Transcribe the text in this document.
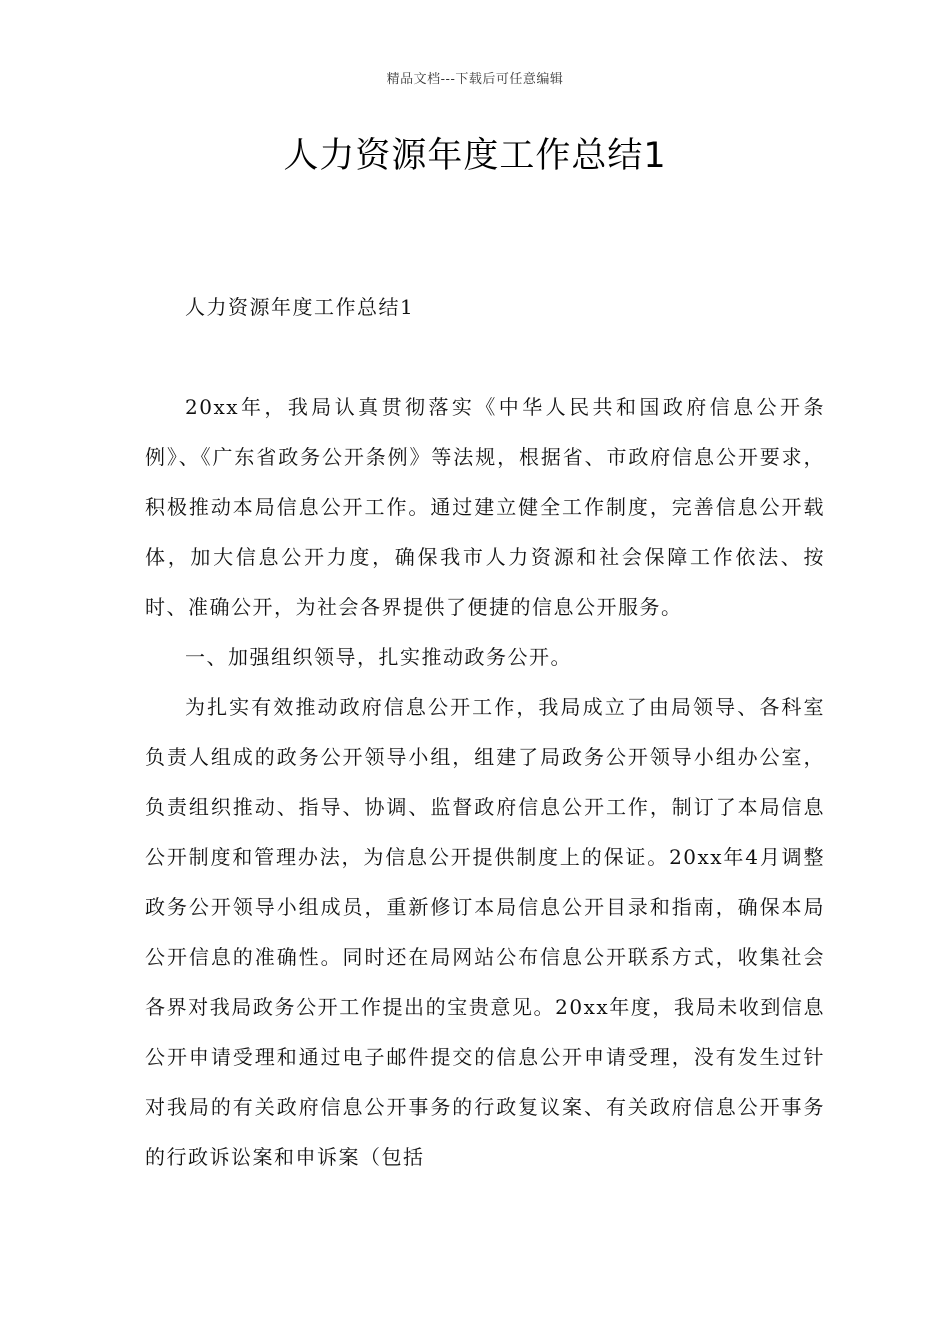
精品文档---下载后可任意编辑
人力资源年度工作总结1

人力资源年度工作总结1

20xx年，我局认真贯彻落实《中华人民共和国政府信息公开条例》、《广东省政务公开条例》等法规，根据省、市政府信息公开要求，积极推动本局信息公开工作。通过建立健全工作制度，完善信息公开载体，加大信息公开力度，确保我市人力资源和社会保障工作依法、按时、准确公开，为社会各界提供了便捷的信息公开服务。

一、加强组织领导，扎实推动政务公开。

为扎实有效推动政府信息公开工作，我局成立了由局领导、各科室负责人组成的政务公开领导小组，组建了局政务公开领导小组办公室，负责组织推动、指导、协调、监督政府信息公开工作，制订了本局信息公开制度和管理办法，为信息公开提供制度上的保证。20xx年4月调整政务公开领导小组成员，重新修订本局信息公开目录和指南，确保本局公开信息的准确性。同时还在局网站公布信息公开联系方式，收集社会各界对我局政务公开工作提出的宝贵意见。20xx年度，我局未收到信息公开申请受理和通过电子邮件提交的信息公开申请受理，没有发生过针对我局的有关政府信息公开事务的行政复议案、有关政府信息公开事务的行政诉讼案和申诉案（包括
